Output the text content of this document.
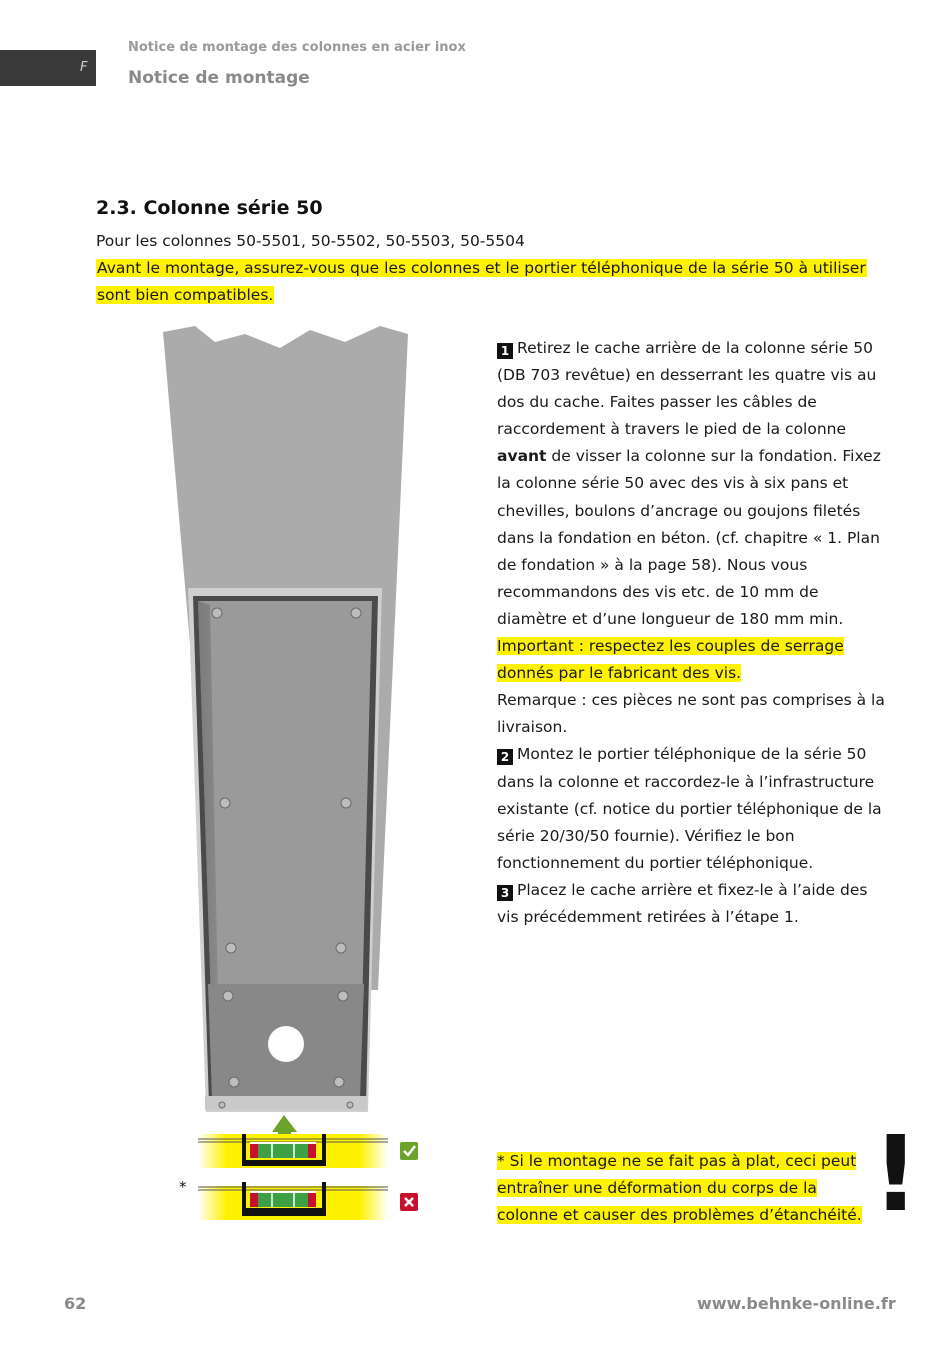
F
Notice de montage des colonnes en acier inox
Notice de montage
2.3. Colonne série 50
Pour les colonnes 50-5501, 50-5502, 50-5503, 50-5504
Avant le montage, assurez-vous que les colonnes et le portier téléphonique de la série 50 à utiliser
sont bien compatibles.
*

1 Retirez le cache arrière de la colonne série 50 (DB 703 revêtue) en desserrant les quatre vis au dos du cache. Faites passer les câbles de raccordement à travers le pied de la colonne avant de visser la colonne sur la fondation. Fixez la colonne série 50 avec des vis à six pans et chevilles, boulons d’ancrage ou goujons filetés dans la fondation en béton. (cf. chapitre « 1. Plan de fondation » à la page 58). Nous vous recommandons des vis etc. de 10 mm de diamètre et d’une longueur de 180 mm min.

Important : respectez les couples de serrage
donnés par le fabricant des vis.

Remarque : ces pièces ne sont pas comprises à la livraison.

2 Montez le portier téléphonique de la série 50 dans la colonne et raccordez-le à l’infrastructure existante (cf. notice du portier téléphonique de la série 20/30/50 fournie). Vérifiez le bon fonctionnement du portier téléphonique.

3 Placez le cache arrière et fixez-le à l’aide des vis précédemment retirées à l’étape 1.

* Si le montage ne se fait pas à plat, ceci peut
entraîner une déformation du corps de la
colonne et causer des problèmes d’étanchéité. !
62	www.behnke-online.fr
